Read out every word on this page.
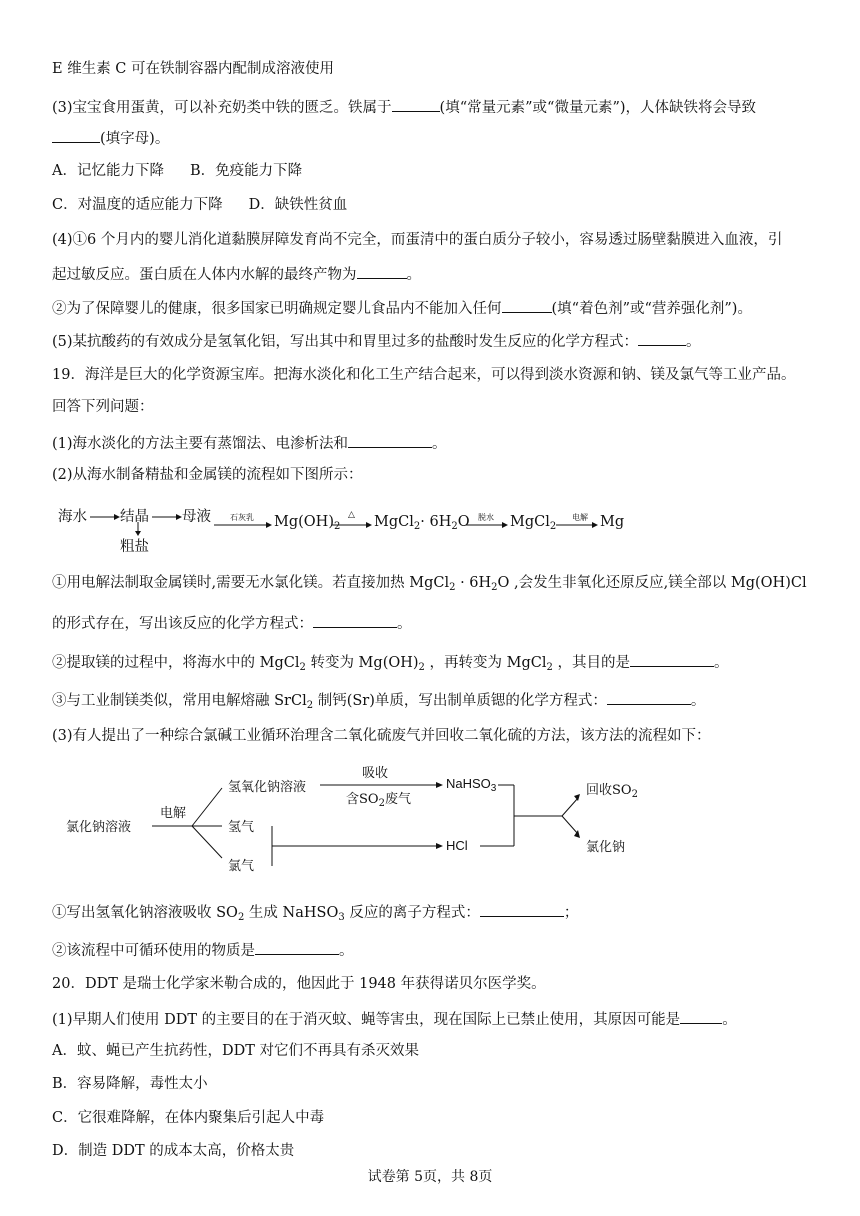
E 维生素 C 可在铁制容器内配制成溶液使用
(3)宝宝食用蛋黄，可以补充奶类中铁的匮乏。铁属于	(填“常量元素”或“微量元素”)，人体缺铁将会导致
(填字母)。
A．记忆能力下降 B．免疫能力下降
C．对温度的适应能力下降 D．缺铁性贫血
(4)①6 个月内的婴儿消化道黏膜屏障发育尚不完全，而蛋清中的蛋白质分子较小，容易透过肠壁黏膜进入血液，引
起过敏反应。蛋白质在人体内水解的最终产物为	。
②为了保障婴儿的健康，很多国家已明确规定婴儿食品内不能加入任何	(填“着色剂”或“营养强化剂”)。
(5)某抗酸药的有效成分是氢氧化铝，写出其中和胃里过多的盐酸时发生反应的化学方程式：	。
19．海洋是巨大的化学资源宝库。把海水淡化和化工生产结合起来，可以得到淡水资源和钠、镁及氯气等工业产品。
回答下列问题：
(1)海水淡化的方法主要有蒸馏法、电渗析法和	。
(2)从海水制备精盐和金属镁的流程如下图所示：
海水 结晶 母液
粗盐
石灰乳 $Mg(OH)_2$
△ MgCl$_2$· $6H_2O$ 脱水 MgCl$_2$
电解 Mg
①用电解法制取金属镁时,需要无水氯化镁。若直接加热 MgCl$_2$ · $6H_2O$ ,会发生非氧化还原反应,镁全部以 Mg(OH)Cl
的形式存在，写出该反应的化学方程式：	。
②提取镁的过程中，将海水中的 MgCl$_2$ 转变为 $Mg(OH)_2$ ，再转变为 MgCl$_2$ ，其目的是	。
③与工业制镁类似，常用电解熔融 SrCl$_2$ 制钙(Sr)单质，写出制单质锶的化学方程式：	。
(3)有人提出了一种综合氯碱工业循环治理含二氧化硫废气并回收二氧化硫的方法，该方法的流程如下：
氯化钠溶液
电解
氢氧化钠溶液
氢气
氯气
吸收
含$SO_2$废气
NaHSO$_3$
HCl
回收$SO_2$
氯化钠
①写出氢氧化钠溶液吸收 $SO_2$ 生成 NaHSO$_3$ 反应的离子方程式：	；
②该流程中可循环使用的物质是	。
20．DDT 是瑞士化学家米勒合成的，他因此于 1948 年获得诺贝尔医学奖。
(1)早期人们使用 DDT 的主要目的在于消灭蚊、蝇等害虫，现在国际上已禁止使用，其原因可能是	。
A．蚊、蝇已产生抗药性，DDT 对它们不再具有杀灭效果
B．容易降解，毒性太小
C．它很难降解，在体内聚集后引起人中毒
D．制造 DDT 的成本太高，价格太贵
试卷第 5页，共 8页
